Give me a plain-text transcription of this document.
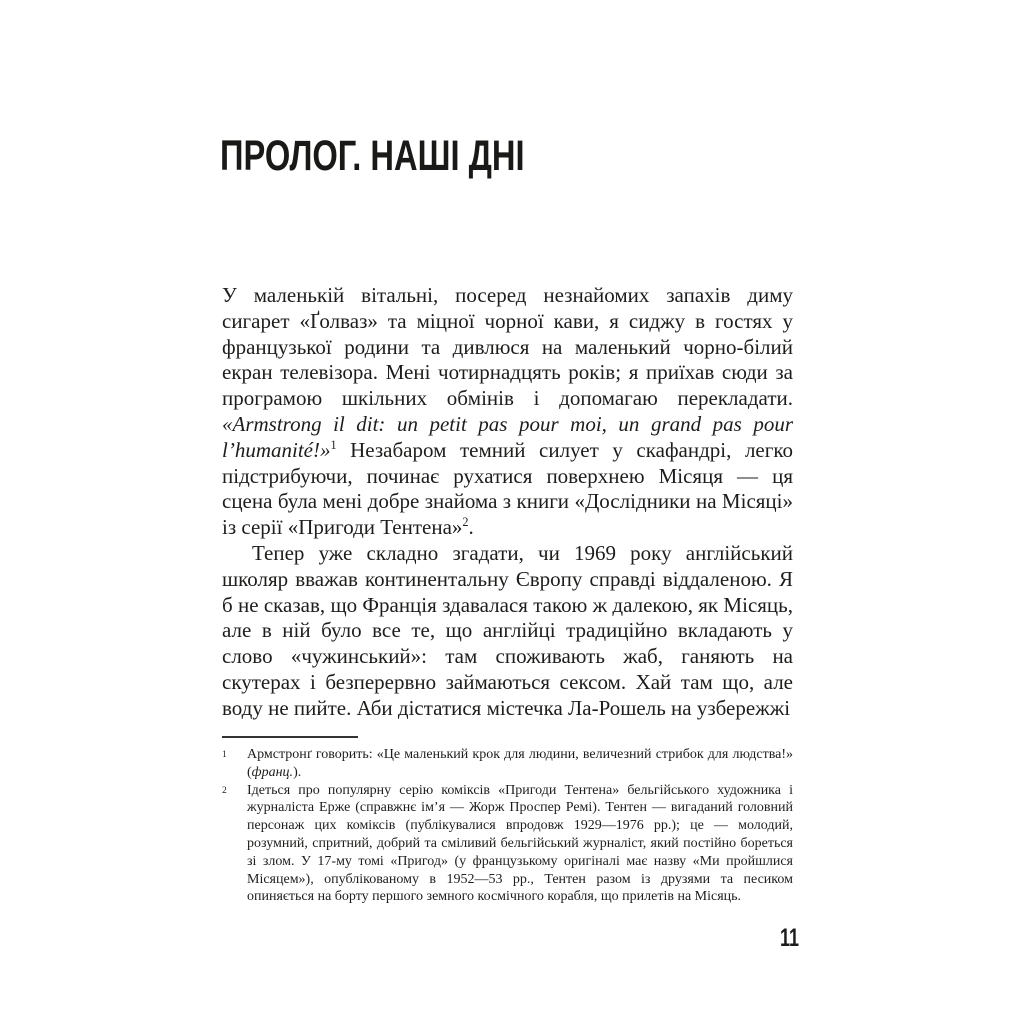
ПРОЛОГ. НАШІ ДНІ

У маленькій вітальні, посеред незнайомих запахів диму сигарет «Ґолваз» та міцної чорної кави, я сиджу в гостях у французької родини та дивлюся на маленький чорно-білий екран телевізора. Мені чотирнадцять років; я приїхав сюди за програмою шкільних обмінів і допомагаю перекладати. «Armstrong il dit: un petit pas pour moi, un grand pas pour l’humanité!»$^1$ Незабаром темний силует у скафандрі, легко підстрибуючи, починає рухатися поверхнею Місяця — ця сцена була мені добре знайома з книги «Дослідники на Місяці» із серії «Пригоди Тентена»$^2$.

Тепер уже складно згадати, чи 1969 року англійський школяр вважав континентальну Європу справді віддаленою. Я б не сказав, що Франція здавалася такою ж далекою, як Місяць, але в ній було все те, що англійці традиційно вкладають у слово «чужинський»: там споживають жаб, ганяють на скутерах і безперервно займаються сексом. Хай там що, але воду не пийте. Аби дістатися містечка Ла-Рошель на узбережжі

1	Армстронґ говорить: «Це маленький крок для людини, величезний стрибок для людства!» (франц.).
2	Ідеться про популярну серію коміксів «Пригоди Тентена» бельгійського художника і журналіста Ерже (справжнє ім’я — Жорж Проспер Ремі). Тентен — вигаданий головний персонаж цих коміксів (публікувалися впродовж 1929—1976 рр.); це — молодий, розумний, спритний, добрий та сміливий бельгійський журналіст, який постійно бореться зі злом. У 17-му томі «Пригод» (у французькому оригіналі має назву «Ми пройшлися Місяцем»), опублікованому в 1952—53 рр., Тентен разом із друзями та песиком опиняється на борту першого земного космічного корабля, що прилетів на Місяць.
11
